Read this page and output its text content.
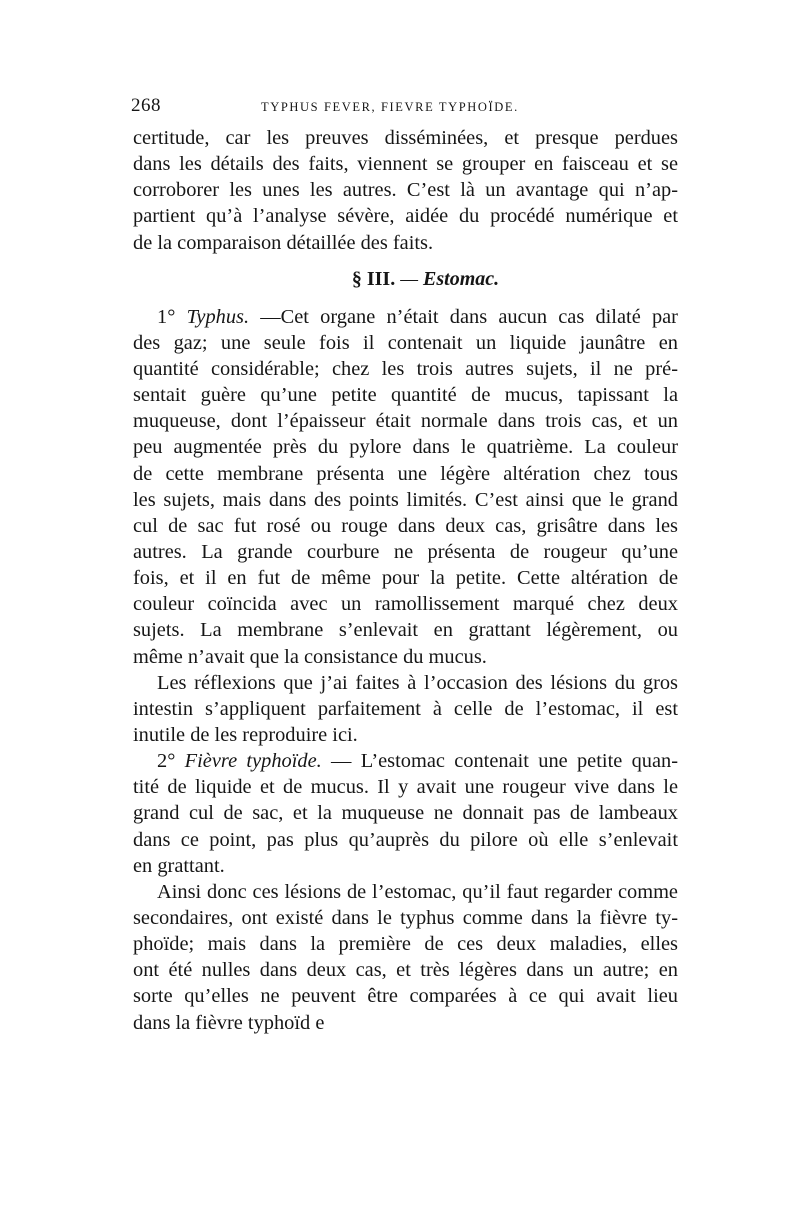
268	TYPHUS FEVER, FIEVRE TYPHOÏDE.
certitude, car les preuves disséminées, et presque perdues
dans les détails des faits, viennent se grouper en faisceau et se
corroborer les unes les autres. C’est là un avantage qui n’ap-
partient qu’à l’analyse sévère, aidée du procédé numérique et
de la comparaison détaillée des faits.
§ III. — Estomac.
1° Typhus. —Cet organe n’était dans aucun cas dilaté par
des gaz; une seule fois il contenait un liquide jaunâtre en
quantité considérable; chez les trois autres sujets, il ne pré-
sentait guère qu’une petite quantité de mucus, tapissant la
muqueuse, dont l’épaisseur était normale dans trois cas, et un
peu augmentée près du pylore dans le quatrième. La couleur
de cette membrane présenta une légère altération chez tous
les sujets, mais dans des points limités. C’est ainsi que le grand
cul de sac fut rosé ou rouge dans deux cas, grisâtre dans les
autres. La grande courbure ne présenta de rougeur qu’une
fois, et il en fut de même pour la petite. Cette altération de
couleur coïncida avec un ramollissement marqué chez deux
sujets. La membrane s’enlevait en grattant légèrement, ou
même n’avait que la consistance du mucus.
Les réflexions que j’ai faites à l’occasion des lésions du gros
intestin s’appliquent parfaitement à celle de l’estomac, il est
inutile de les reproduire ici.
2° Fièvre typhoïde. — L’estomac contenait une petite quan-
tité de liquide et de mucus. Il y avait une rougeur vive dans le
grand cul de sac, et la muqueuse ne donnait pas de lambeaux
dans ce point, pas plus qu’auprès du pilore où elle s’enlevait
en grattant.
Ainsi donc ces lésions de l’estomac, qu’il faut regarder comme
secondaires, ont existé dans le typhus comme dans la fièvre ty-
phoïde; mais dans la première de ces deux maladies, elles
ont été nulles dans deux cas, et très légères dans un autre; en
sorte qu’elles ne peuvent être comparées à ce qui avait lieu
dans la fièvre typhoïd e
